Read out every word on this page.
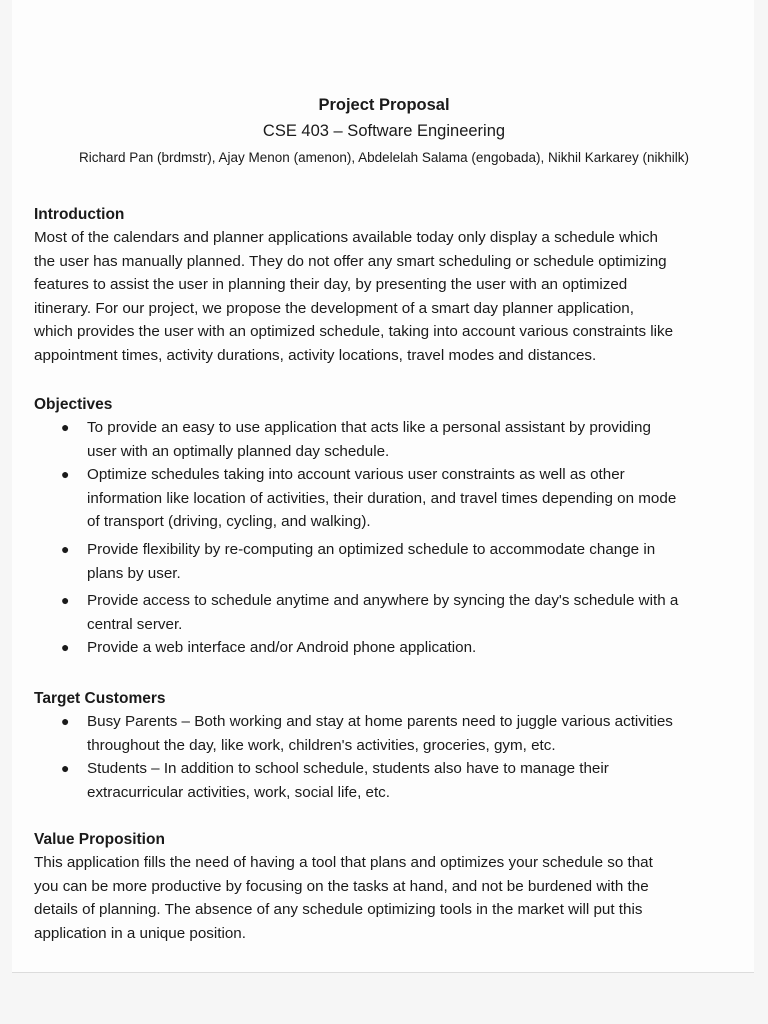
Project Proposal
CSE 403 – Software Engineering
Richard Pan (brdmstr), Ajay Menon (amenon), Abdelelah Salama (engobada), Nikhil Karkarey (nikhilk)
Introduction
Most of the calendars and planner applications available today only display a schedule which
the user has manually planned. They do not offer any smart scheduling or schedule optimizing
features to assist the user in planning their day, by presenting the user with an optimized
itinerary. For our project, we propose the development of a smart day planner application,
which provides the user with an optimized schedule, taking into account various constraints like
appointment times, activity durations, activity locations, travel modes and distances.
Objectives
● To provide an easy to use application that acts like a personal assistant by providing
user with an optimally planned day schedule.
● Optimize schedules taking into account various user constraints as well as other
information like location of activities, their duration, and travel times depending on mode
of transport (driving, cycling, and walking).
● Provide flexibility by re-computing an optimized schedule to accommodate change in
plans by user.
● Provide access to schedule anytime and anywhere by syncing the day's schedule with a
central server.
● Provide a web interface and/or Android phone application.
Target Customers
● Busy Parents – Both working and stay at home parents need to juggle various activities
throughout the day, like work, children's activities, groceries, gym, etc.
● Students – In addition to school schedule, students also have to manage their
extracurricular activities, work, social life, etc.
Value Proposition
This application fills the need of having a tool that plans and optimizes your schedule so that
you can be more productive by focusing on the tasks at hand, and not be burdened with the
details of planning. The absence of any schedule optimizing tools in the market will put this
application in a unique position.
